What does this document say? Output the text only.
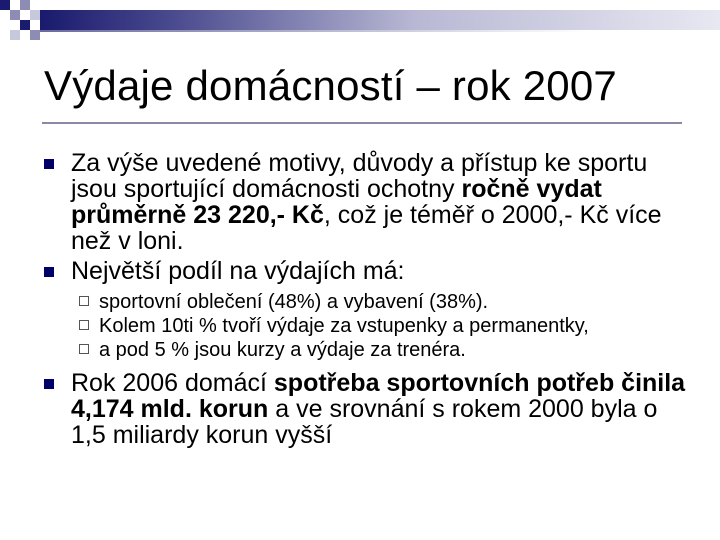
Výdaje domácností – rok 2007
Za výše uvedené motivy, důvody a přístup ke sportu jsou sportující domácnosti ochotny ročně vydat průměrně 23 220,- Kč, což je téměř o 2000,- Kč více než v loni.
Největší podíl na výdajích má:
sportovní oblečení (48%) a vybavení (38%).
Kolem 10ti % tvoří výdaje za vstupenky a permanentky,
a pod 5 % jsou kurzy a výdaje za trenéra.
Rok 2006 domácí spotřeba sportovních potřeb činila 4,174 mld. korun a ve srovnání s rokem 2000 byla o 1,5 miliardy korun vyšší
